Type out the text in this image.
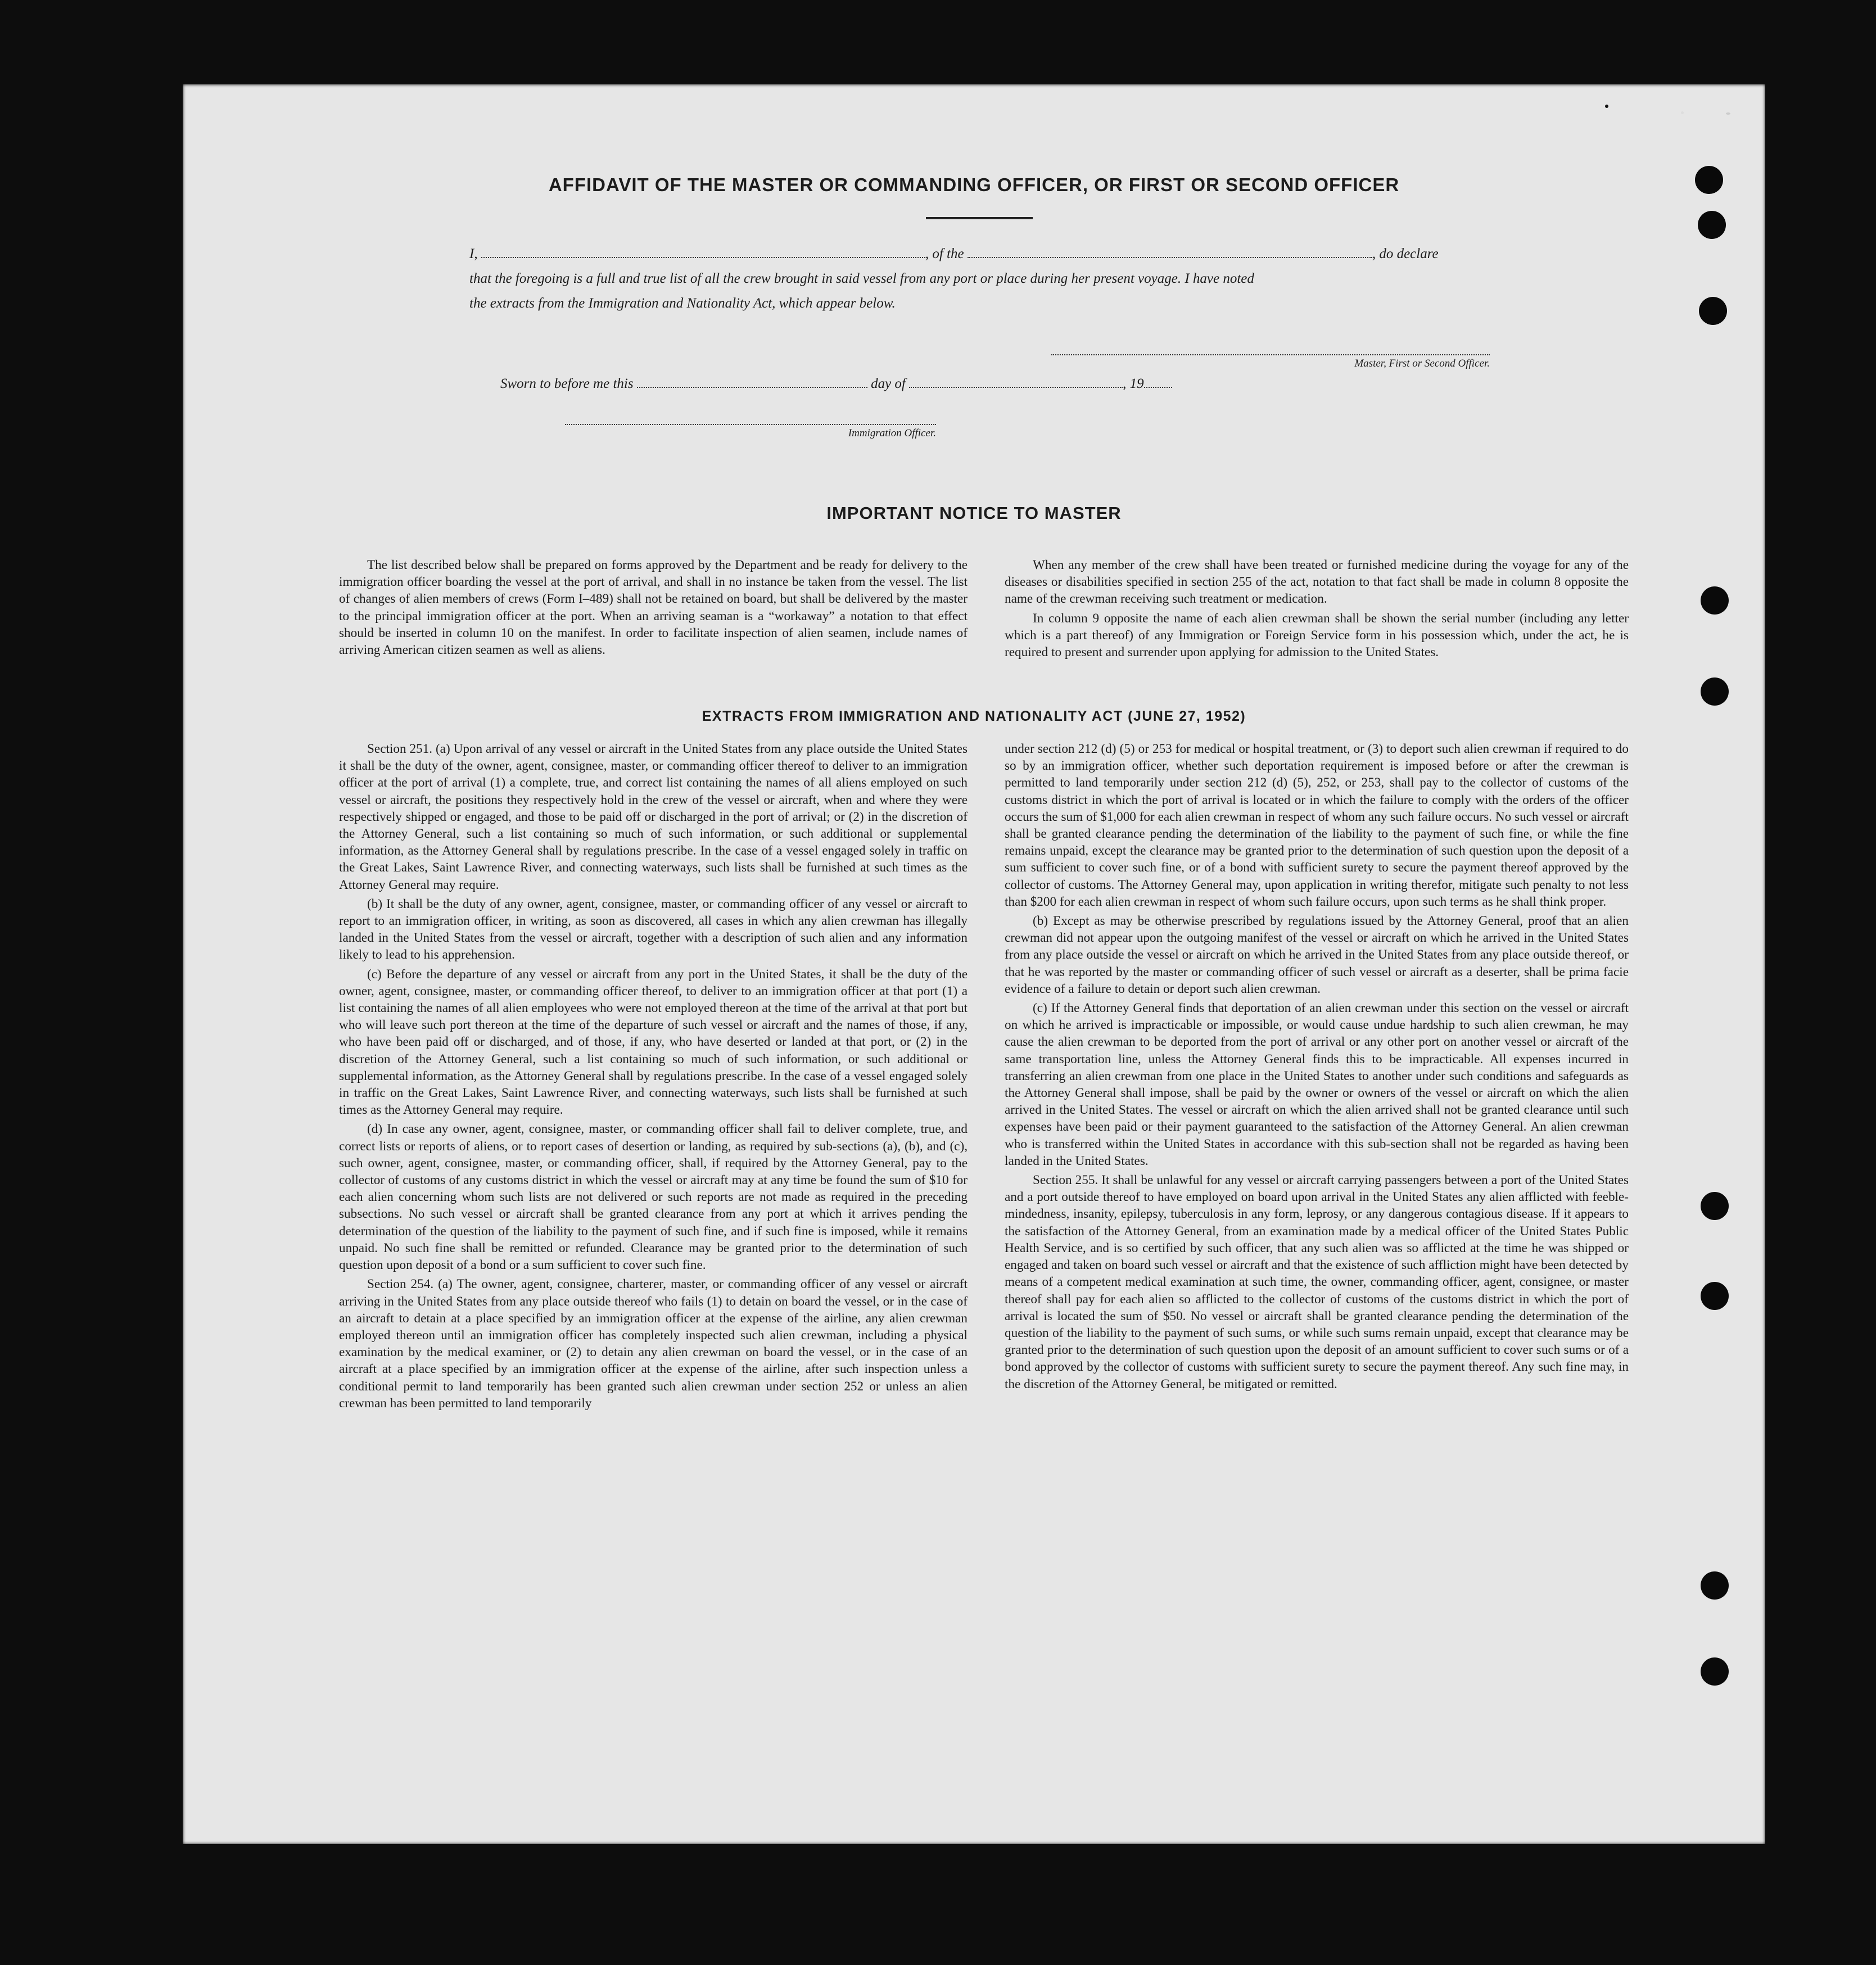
AFFIDAVIT OF THE MASTER OR COMMANDING OFFICER, OR FIRST OR SECOND OFFICER
I,	, of the	, do declare
that the foregoing is a full and true list of all the crew brought in said vessel from any port or place during her present voyage. I have noted
the extracts from the Immigration and Nationality Act, which appear below.
Master, First or Second Officer.
Sworn to before me this	day of	, 19
Immigration Officer.
IMPORTANT NOTICE TO MASTER

The list described below shall be prepared on forms approved by the Department and be ready for delivery to the immigration officer boarding the vessel at the port of arrival, and shall in no instance be taken from the vessel. The list of changes of alien members of crews (Form I–489) shall not be retained on board, but shall be delivered by the master to the principal immigration officer at the port. When an arriving seaman is a “workaway” a notation to that effect should be inserted in column 10 on the manifest. In order to facilitate inspection of alien seamen, include names of arriving American citizen seamen as well as aliens.

When any member of the crew shall have been treated or furnished medicine during the voyage for any of the diseases or disabilities specified in section 255 of the act, notation to that fact shall be made in column 8 opposite the name of the crewman receiving such treatment or medication.

In column 9 opposite the name of each alien crewman shall be shown the serial number (including any letter which is a part thereof) of any Immigration or Foreign Service form in his possession which, under the act, he is required to present and surrender upon applying for admission to the United States.

EXTRACTS FROM IMMIGRATION AND NATIONALITY ACT (JUNE 27, 1952)

Section 251. (a) Upon arrival of any vessel or aircraft in the United States from any place outside the United States it shall be the duty of the owner, agent, consignee, master, or commanding officer thereof to deliver to an immigration officer at the port of arrival (1) a complete, true, and correct list containing the names of all aliens employed on such vessel or aircraft, the positions they respectively hold in the crew of the vessel or aircraft, when and where they were respectively shipped or engaged, and those to be paid off or discharged in the port of arrival; or (2) in the discretion of the Attorney General, such a list containing so much of such information, or such additional or supplemental information, as the Attorney General shall by regulations prescribe. In the case of a vessel engaged solely in traffic on the Great Lakes, Saint Lawrence River, and connecting waterways, such lists shall be furnished at such times as the Attorney General may require.

(b) It shall be the duty of any owner, agent, consignee, master, or commanding officer of any vessel or aircraft to report to an immigration officer, in writing, as soon as discovered, all cases in which any alien crewman has illegally landed in the United States from the vessel or aircraft, together with a description of such alien and any information likely to lead to his apprehension.

(c) Before the departure of any vessel or aircraft from any port in the United States, it shall be the duty of the owner, agent, consignee, master, or commanding officer thereof, to deliver to an immigration officer at that port (1) a list containing the names of all alien employees who were not employed thereon at the time of the arrival at that port but who will leave such port thereon at the time of the departure of such vessel or aircraft and the names of those, if any, who have been paid off or discharged, and of those, if any, who have deserted or landed at that port, or (2) in the discretion of the Attorney General, such a list containing so much of such information, or such additional or supplemental information, as the Attorney General shall by regulations prescribe. In the case of a vessel engaged solely in traffic on the Great Lakes, Saint Lawrence River, and connecting waterways, such lists shall be furnished at such times as the Attorney General may require.

(d) In case any owner, agent, consignee, master, or commanding officer shall fail to deliver complete, true, and correct lists or reports of aliens, or to report cases of desertion or landing, as required by sub-sections (a), (b), and (c), such owner, agent, consignee, master, or commanding officer, shall, if required by the Attorney General, pay to the collector of customs of any customs district in which the vessel or aircraft may at any time be found the sum of $10 for each alien concerning whom such lists are not delivered or such reports are not made as required in the preceding subsections. No such vessel or aircraft shall be granted clearance from any port at which it arrives pending the determination of the question of the liability to the payment of such fine, and if such fine is imposed, while it remains unpaid. No such fine shall be remitted or refunded. Clearance may be granted prior to the determination of such question upon deposit of a bond or a sum sufficient to cover such fine.

Section 254. (a) The owner, agent, consignee, charterer, master, or commanding officer of any vessel or aircraft arriving in the United States from any place outside thereof who fails (1) to detain on board the vessel, or in the case of an aircraft to detain at a place specified by an immigration officer at the expense of the airline, any alien crewman employed thereon until an immigration officer has completely inspected such alien crewman, including a physical examination by the medical examiner, or (2) to detain any alien crewman on board the vessel, or in the case of an aircraft at a place specified by an immigration officer at the expense of the airline, after such inspection unless a conditional permit to land temporarily has been granted such alien crewman under section 252 or unless an alien crewman has been permitted to land temporarily

under section 212 (d) (5) or 253 for medical or hospital treatment, or (3) to deport such alien crewman if required to do so by an immigration officer, whether such deportation requirement is imposed before or after the crewman is permitted to land temporarily under section 212 (d) (5), 252, or 253, shall pay to the collector of customs of the customs district in which the port of arrival is located or in which the failure to comply with the orders of the officer occurs the sum of $1,000 for each alien crewman in respect of whom any such failure occurs. No such vessel or aircraft shall be granted clearance pending the determination of the liability to the payment of such fine, or while the fine remains unpaid, except the clearance may be granted prior to the determination of such question upon the deposit of a sum sufficient to cover such fine, or of a bond with sufficient surety to secure the payment thereof approved by the collector of customs. The Attorney General may, upon application in writing therefor, mitigate such penalty to not less than $200 for each alien crewman in respect of whom such failure occurs, upon such terms as he shall think proper.

(b) Except as may be otherwise prescribed by regulations issued by the Attorney General, proof that an alien crewman did not appear upon the outgoing manifest of the vessel or aircraft on which he arrived in the United States from any place outside the vessel or aircraft on which he arrived in the United States from any place outside thereof, or that he was reported by the master or commanding officer of such vessel or aircraft as a deserter, shall be prima facie evidence of a failure to detain or deport such alien crewman.

(c) If the Attorney General finds that deportation of an alien crewman under this section on the vessel or aircraft on which he arrived is impracticable or impossible, or would cause undue hardship to such alien crewman, he may cause the alien crewman to be deported from the port of arrival or any other port on another vessel or aircraft of the same transportation line, unless the Attorney General finds this to be impracticable. All expenses incurred in transferring an alien crewman from one place in the United States to another under such conditions and safeguards as the Attorney General shall impose, shall be paid by the owner or owners of the vessel or aircraft on which the alien arrived in the United States. The vessel or aircraft on which the alien arrived shall not be granted clearance until such expenses have been paid or their payment guaranteed to the satisfaction of the Attorney General. An alien crewman who is transferred within the United States in accordance with this sub-section shall not be regarded as having been landed in the United States.

Section 255. It shall be unlawful for any vessel or aircraft carrying passengers between a port of the United States and a port outside thereof to have employed on board upon arrival in the United States any alien afflicted with feeble-mindedness, insanity, epilepsy, tuberculosis in any form, leprosy, or any dangerous contagious disease. If it appears to the satisfaction of the Attorney General, from an examination made by a medical officer of the United States Public Health Service, and is so certified by such officer, that any such alien was so afflicted at the time he was shipped or engaged and taken on board such vessel or aircraft and that the existence of such affliction might have been detected by means of a competent medical examination at such time, the owner, commanding officer, agent, consignee, or master thereof shall pay for each alien so afflicted to the collector of customs of the customs district in which the port of arrival is located the sum of $50. No vessel or aircraft shall be granted clearance pending the determination of the question of the liability to the payment of such sums, or while such sums remain unpaid, except that clearance may be granted prior to the determination of such question upon the deposit of an amount sufficient to cover such sums or of a bond approved by the collector of customs with sufficient surety to secure the payment thereof. Any such fine may, in the discretion of the Attorney General, be mitigated or remitted.
